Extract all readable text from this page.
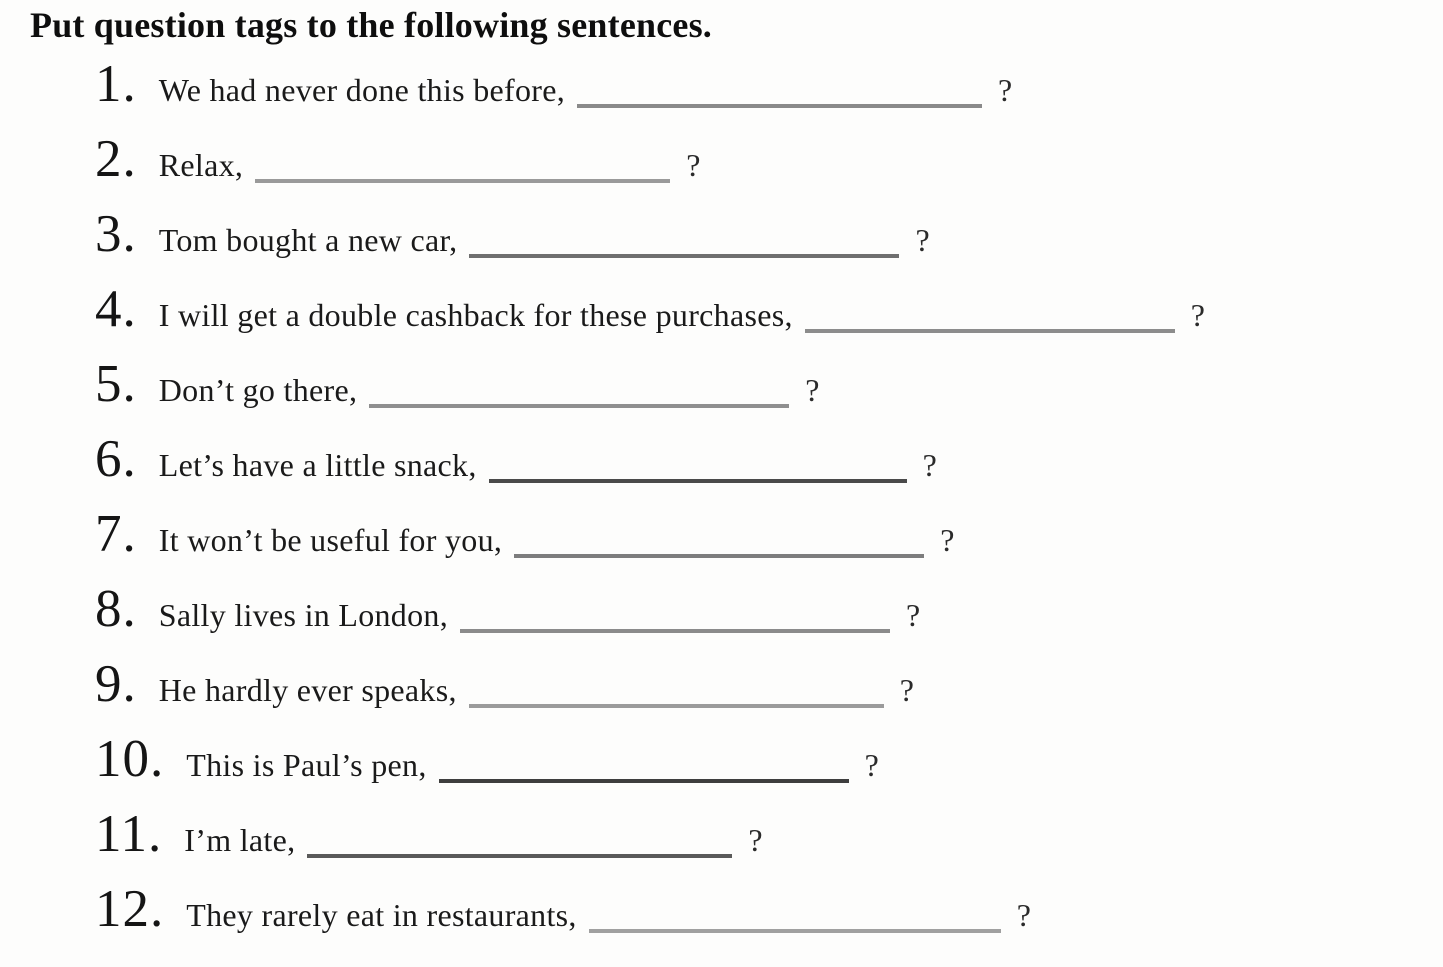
Put question tags to the following sentences.
1. We had never done this before,	?
2. Relax,	?
3. Tom bought a new car,	?
4. I will get a double cashback for these purchases,	?
5. Don’t go there,	?
6. Let’s have a little snack,	?
7. It won’t be useful for you,	?
8. Sally lives in London,	?
9. He hardly ever speaks,	?
10. This is Paul’s pen,	?
11. I’m late,	?
12. They rarely eat in restaurants,	?
